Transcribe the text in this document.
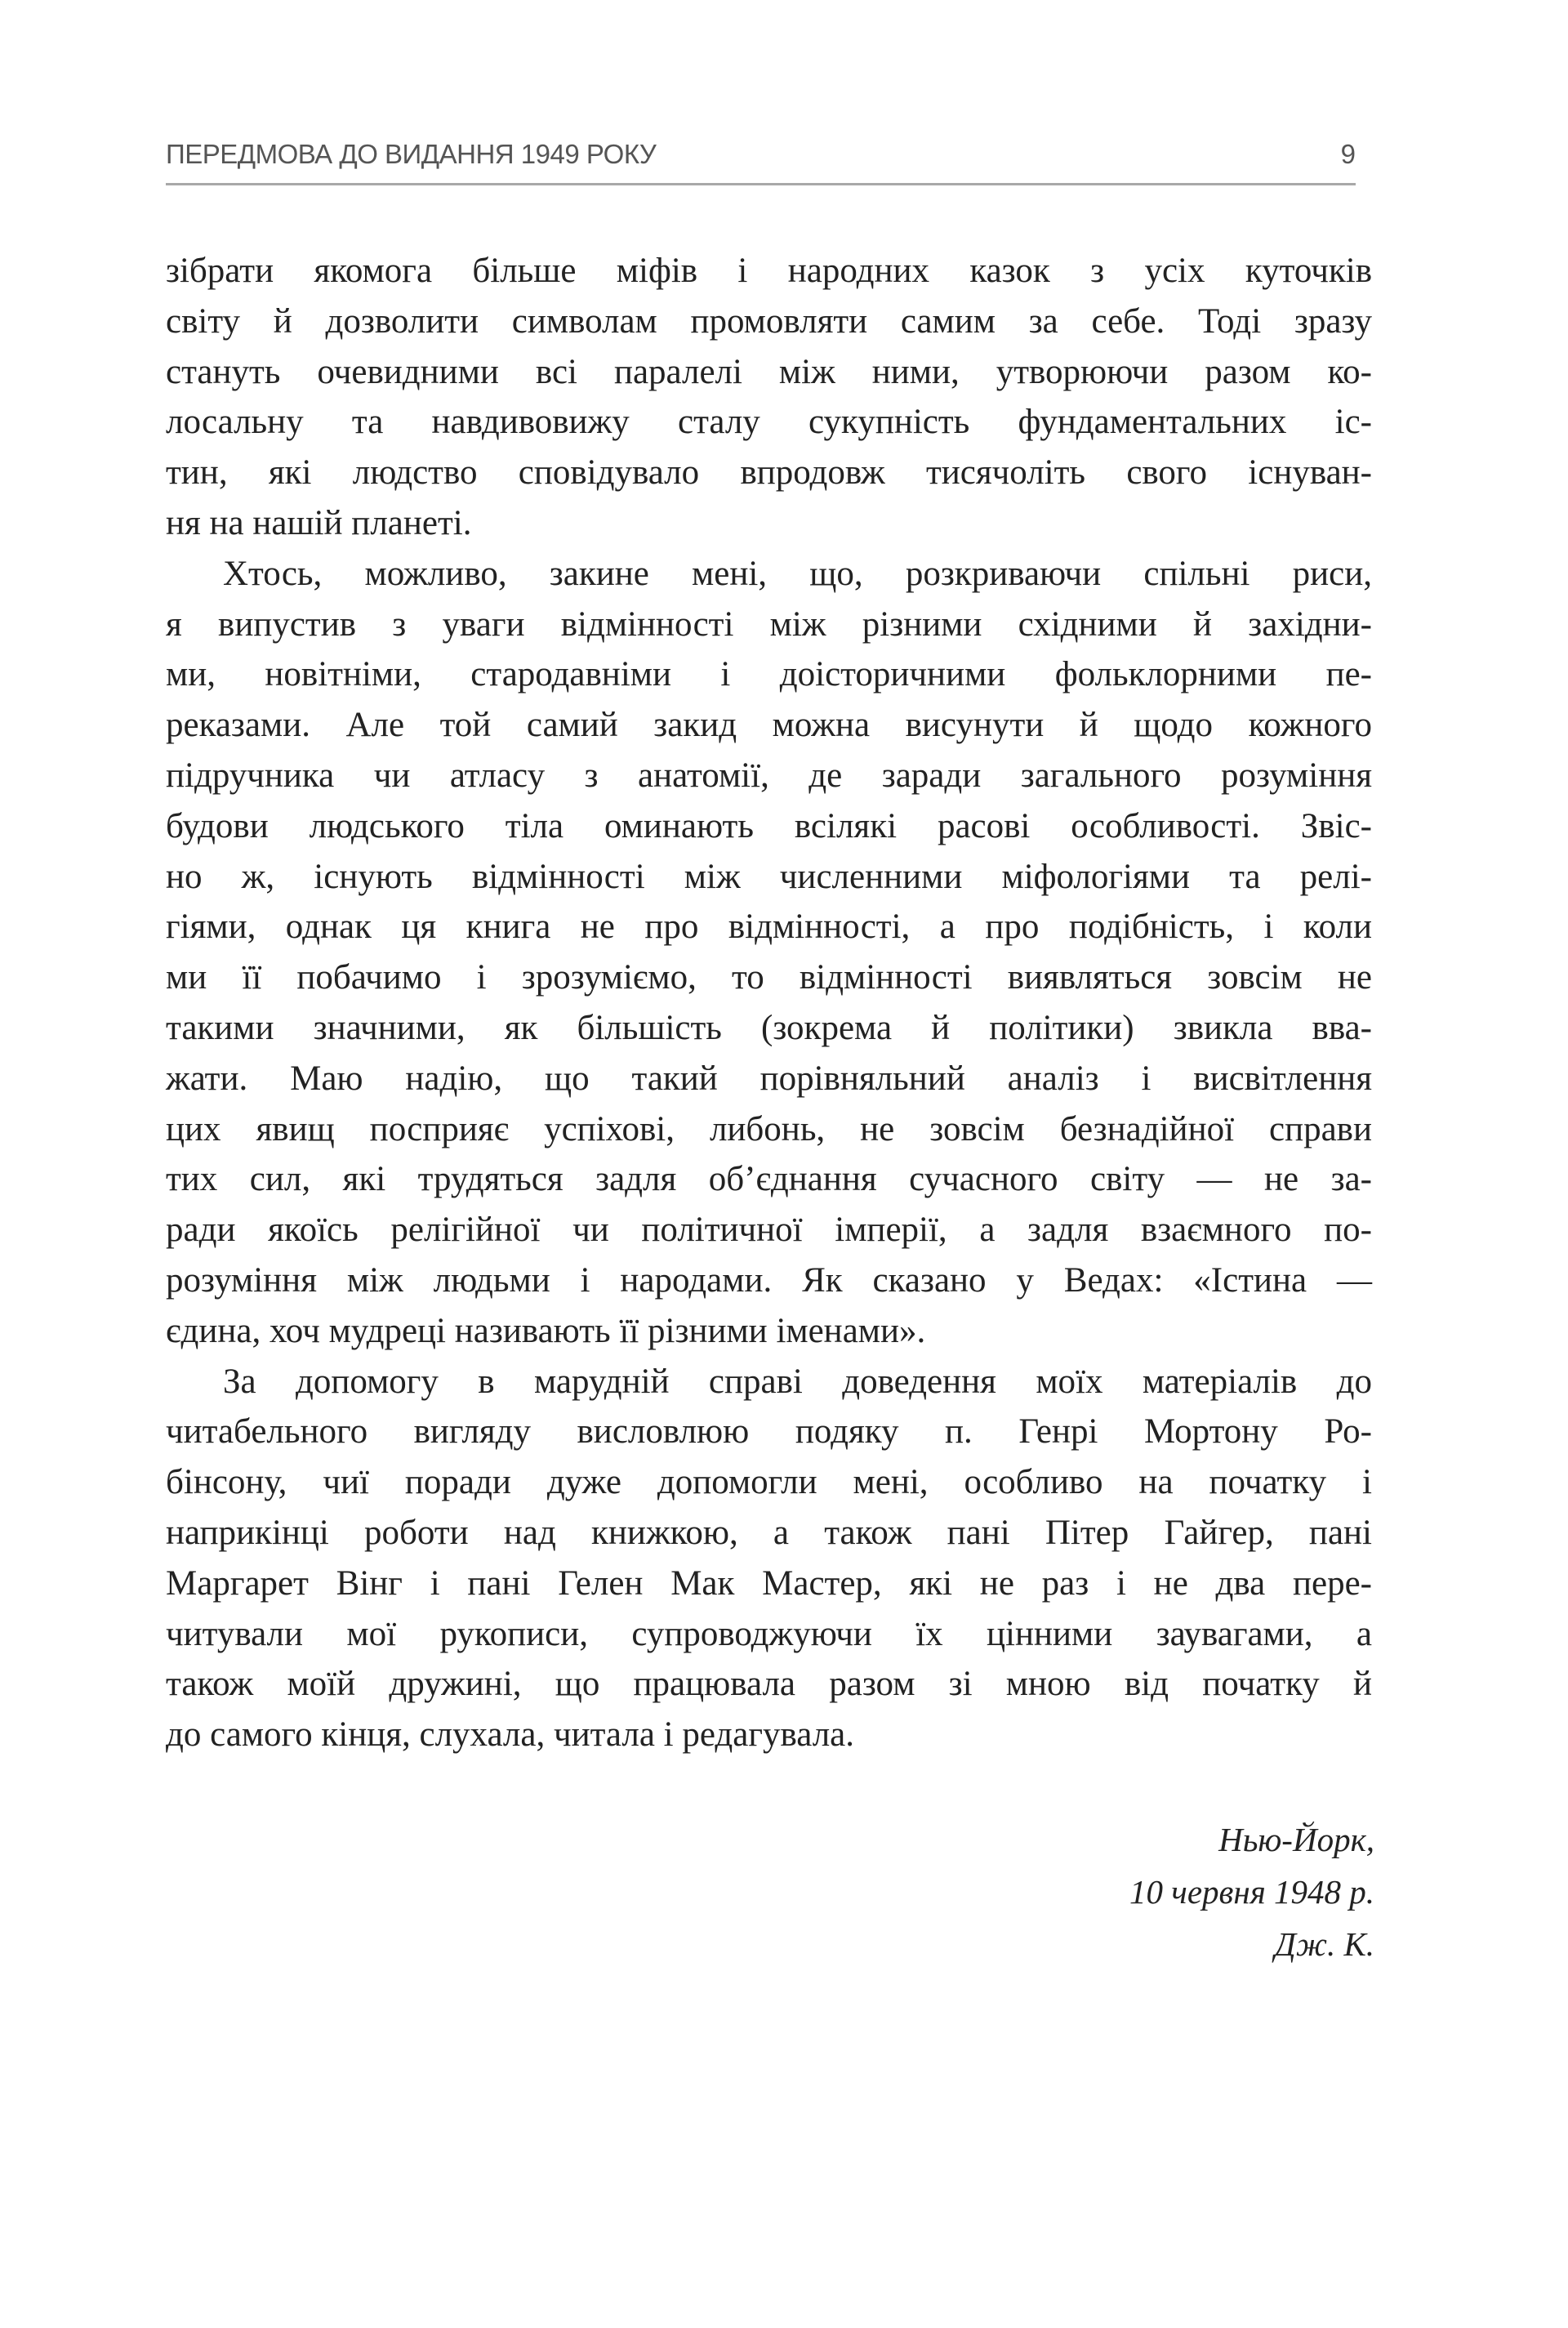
ПЕРЕДМОВА ДО ВИДАННЯ 1949 РОКУ	9
зібрати якомога більше міфів і народних казок з усіх куточків
світу й дозволити символам промовляти самим за себе. Тоді зразу
стануть очевидними всі паралелі між ними, утворюючи разом ко-
лосальну та навдивовижу сталу сукупність фундаментальних іс-
тин, які людство сповідувало впродовж тисячоліть свого існуван-
ня на нашій планеті.
Хтось, можливо, закине мені, що, розкриваючи спільні риси,
я випустив з уваги відмінності між різними східними й західни-
ми, новітніми, стародавніми і доісторичними фольклорними пе-
реказами. Але той самий закид можна висунути й щодо кожного
підручника чи атласу з анатомії, де заради загального розуміння
будови людського тіла оминають всілякі расові особливості. Звіс-
но ж, існують відмінності між численними міфологіями та релі-
гіями, однак ця книга не про відмінності, а про подібність, і коли
ми її побачимо і зрозуміємо, то відмінності виявляться зовсім не
такими значними, як більшість (зокрема й політики) звикла вва-
жати. Маю надію, що такий порівняльний аналіз і висвітлення
цих явищ посприяє успіхові, либонь, не зовсім безнадійної справи
тих сил, які трудяться задля об’єднання сучасного світу — не за-
ради якоїсь релігійної чи політичної імперії, а задля взаємного по-
розуміння між людьми і народами. Як сказано у Ведах: «Істина —
єдина, хоч мудреці називають її різними іменами».
За допомогу в марудній справі доведення моїх матеріалів до
читабельного вигляду висловлюю подяку п. Генрі Мортону Ро-
бінсону, чиї поради дуже допомогли мені, особливо на початку і
наприкінці роботи над книжкою, а також пані Пітер Гайгер, пані
Маргарет Вінг і пані Гелен Мак Мастер, які не раз і не два пере-
читували мої рукописи, супроводжуючи їх цінними заувагами, а
також моїй дружині, що працювала разом зі мною від початку й
до самого кінця, слухала, читала і редагувала.
Нью-Йорк,
10 червня 1948 р.
Дж. К.
